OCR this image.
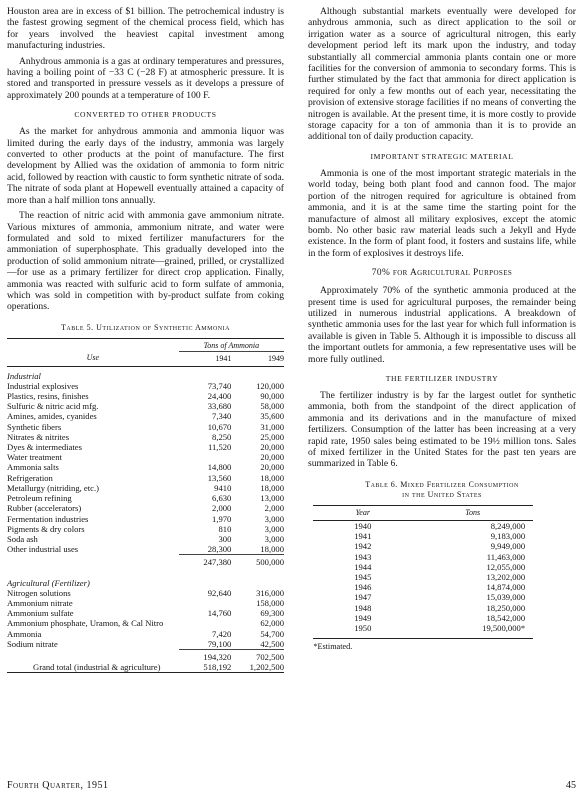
Houston area are in excess of $1 billion. The petrochemical industry is the fastest growing segment of the chemical process field, which has for years involved the heaviest capital investment among manufacturing industries.

Anhydrous ammonia is a gas at ordinary temperatures and pressures, having a boiling point of −33 C (−28 F) at atmospheric pressure. It is stored and transported in pressure vessels as it develops a pressure of approximately 200 pounds at a temperature of 100 F.

CONVERTED TO OTHER PRODUCTS

As the market for anhydrous ammonia and ammonia liquor was limited during the early days of the industry, ammonia was largely converted to other products at the point of manufacture. The first development by Allied was the oxidation of ammonia to form nitric acid, followed by reaction with caustic to form synthetic nitrate of soda. The nitrate of soda plant at Hopewell eventually attained a capacity of more than a half million tons annually.

The reaction of nitric acid with ammonia gave ammonium nitrate. Various mixtures of ammonia, ammonium nitrate, and water were formulated and sold to mixed fertilizer manufacturers for the ammoniation of superphosphate. This gradually developed into the production of solid ammonium nitrate—grained, prilled, or crystallized—for use as a primary fertilizer for direct crop application. Finally, ammonia was reacted with sulfuric acid to form sulfate of ammonia, which was sold in competition with by-product sulfate from coking operations.

Table 5. Utilization of Synthetic Ammonia
	Tons of Ammonia	
Use	1941	1949
Industrial		
Industrial explosives	73,740	120,000
Plastics, resins, finishes	24,400	90,000
Sulfuric & nitric acid mfg.	33,680	58,000
Amines, amides, cyanides	7,340	35,600
Synthetic fibers	10,670	31,000
Nitrates & nitrites	8,250	25,000
Dyes & intermediates	11,520	20,000
Water treatment		20,000
Ammonia salts	14,800	20,000
Refrigeration	13,560	18,000
Metallurgy (nitriding, etc.)	9410	18,000
Petroleum refining	6,630	13,000
Rubber (accelerators)	2,000	2,000
Fermentation industries	1,970	3,000
Pigments & dry colors	810	3,000
Soda ash	300	3,000
Other industrial uses	28,300	18,000
	247,380	500,000

Agricultural (Fertilizer)		
Nitrogen solutions	92,640	316,000
Ammonium nitrate		158,000
Ammonium sulfate	14,760	69,300
Ammonium phosphate, Uramon, & Cal Nitro		62,000
Ammonia	7,420	54,700
Sodium nitrate	79,100	42,500
	194,320	702,500
Grand total (industrial & agriculture)	518,192	1,202,500

Although substantial markets eventually were developed for anhydrous ammonia, such as direct application to the soil or irrigation water as a source of agricultural nitrogen, this early development period left its mark upon the industry, and today substantially all commercial ammonia plants contain one or more facilities for the conversion of ammonia to secondary forms. This is further stimulated by the fact that ammonia for direct application is required for only a few months out of each year, necessitating the provision of extensive storage facilities if no means of converting the nitrogen is available. At the present time, it is more costly to provide storage capacity for a ton of ammonia than it is to provide an additional ton of daily production capacity.

IMPORTANT STRATEGIC MATERIAL

Ammonia is one of the most important strategic materials in the world today, being both plant food and cannon food. The major portion of the nitrogen required for agriculture is obtained from ammonia, and it is at the same time the starting point for the manufacture of almost all military explosives, except the atomic bomb. No other basic raw material leads such a Jekyll and Hyde existence. In the form of plant food, it fosters and sustains life, while in the form of explosives it destroys life.

70% for Agricultural Purposes

Approximately 70% of the synthetic ammonia produced at the present time is used for agricultural purposes, the remainder being utilized in numerous industrial applications. A breakdown of synthetic ammonia uses for the last year for which full information is available is given in Table 5. Although it is impossible to discuss all the important outlets for ammonia, a few representative uses will be more fully outlined.

THE FERTILIZER INDUSTRY

The fertilizer industry is by far the largest outlet for synthetic ammonia, both from the standpoint of the direct application of ammonia and its derivations and in the manufacture of mixed fertilizers. Consumption of the latter has been increasing at a very rapid rate, 1950 sales being estimated to be 19½ million tons. Sales of mixed fertilizer in the United States for the past ten years are summarized in Table 6.

Table 6. Mixed Fertilizer Consumption
in the United States
Year	Tons
1940	8,249,000
1941	9,183,000
1942	9,949,000
1943	11,463,000
1944	12,055,000
1945	13,202,000
1946	14,874,000
1947	15,039,000
1948	18,250,000
1949	18,542,000
1950	19,500,000*
*Estimated.
Fourth Quarter, 1951	45
